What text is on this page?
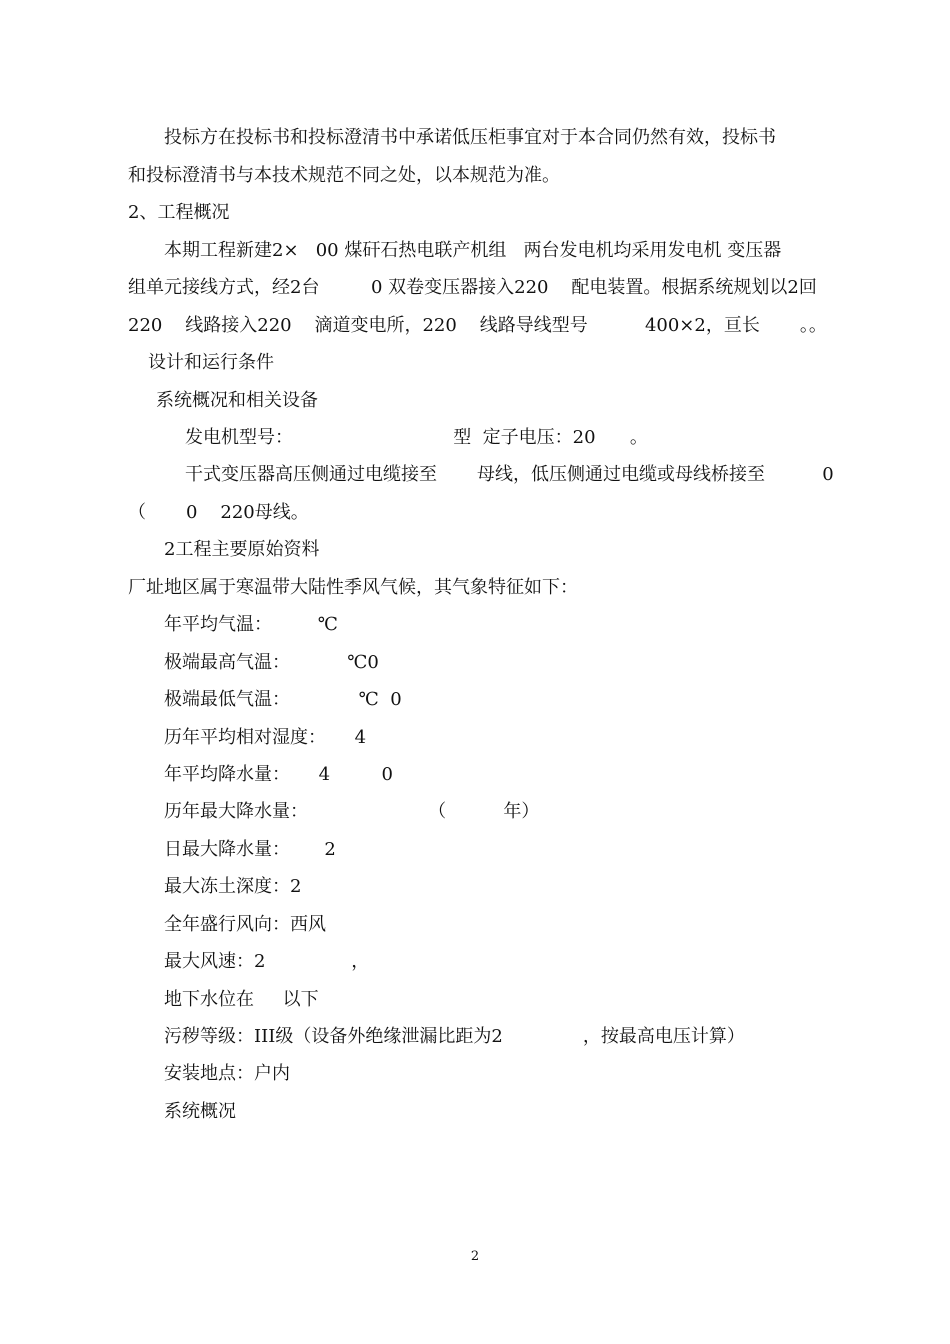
投标方在投标书和投标澄清书中承诺低压柜事宜对于本合同仍然有效，投标书
和投标澄清书与本技术规范不同之处，以本规范为准。
2、工程概况
本期工程新建2×   00 煤矸石热电联产机组   两台发电机均采用发电机 变压器
组单元接线方式，经2台         0 双卷变压器接入220    配电装置。根据系统规划以2回
220    线路接入220    滴道变电所，220    线路导线型号          400×2，亘长       。。
设计和运行条件
系统概况和相关设备
发电机型号：                            型  定子电压：20      。
干式变压器高压侧通过电缆接至       母线，低压侧通过电缆或母线桥接至          0
（       0    220母线。
2工程主要原始资料
厂址地区属于寒温带大陆性季风气候，其气象特征如下：
年平均气温：        ℃
极端最高气温：          ℃0
极端最低气温：            ℃  0
历年平均相对湿度：     4
年平均降水量：     4         0
历年最大降水量：                     （          年）
日最大降水量：      2
最大冻土深度：2
全年盛行风向：西风
最大风速：2               ，
地下水位在     以下
污秽等级：III级（设备外绝缘泄漏比距为2              ，按最高电压计算）
安装地点：户内
系统概况
2
